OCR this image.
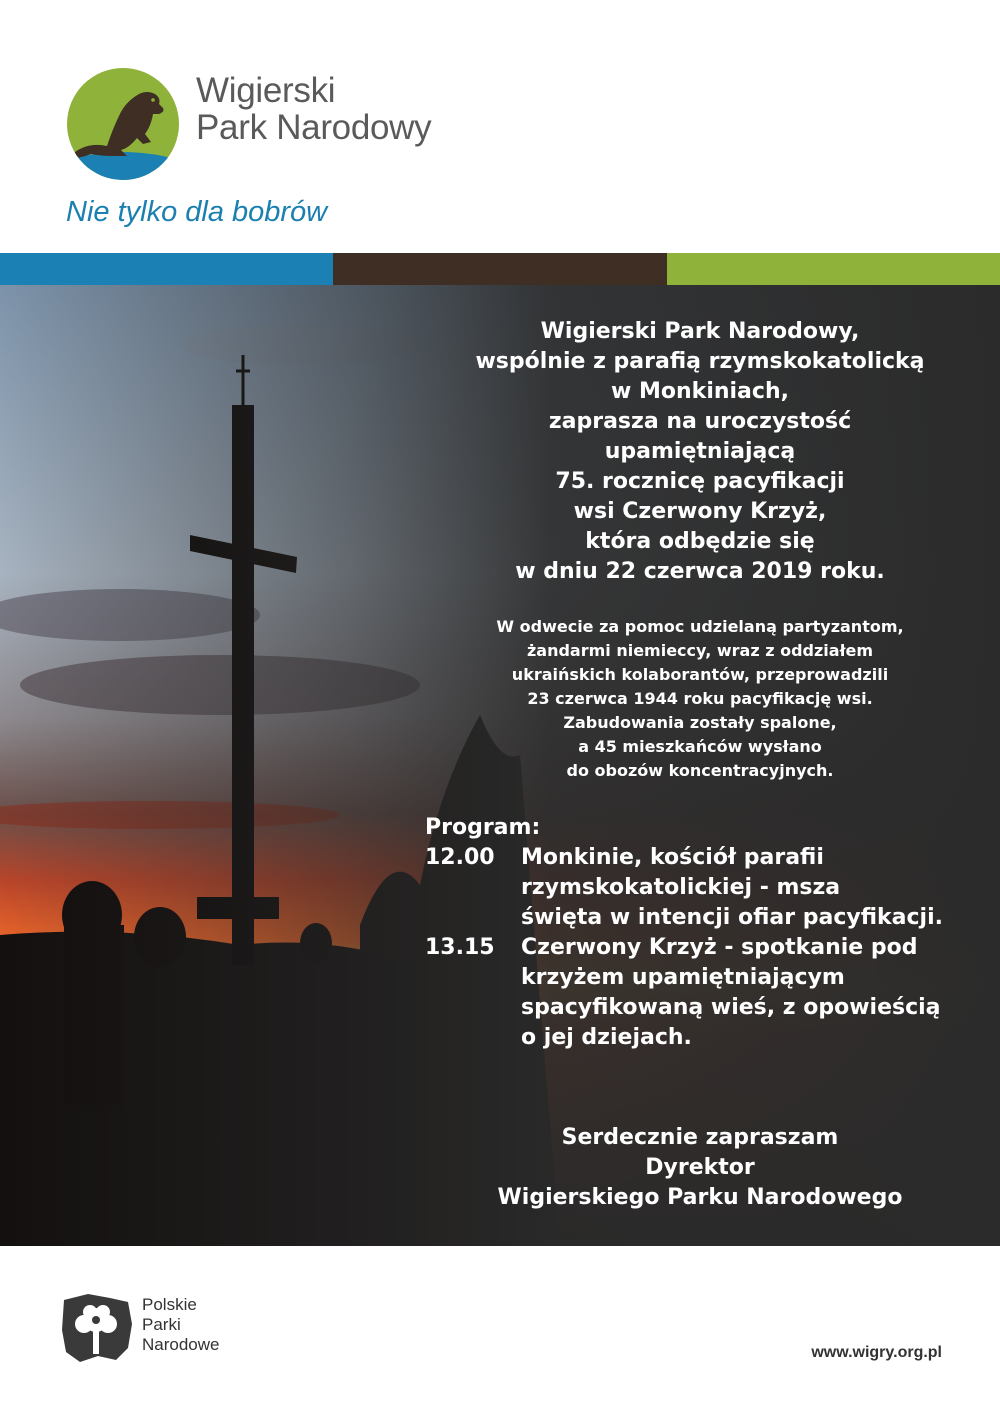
Wigierski
Park Narodowy
Nie tylko dla bobrów
Wigierski Park Narodowy,
wspólnie z parafią rzymskokatolicką
w Monkiniach,
zaprasza na uroczystość
upamiętniającą
75. rocznicę pacyfikacji
wsi Czerwony Krzyż,
która odbędzie się
w dniu 22 czerwca 2019 roku.
W odwecie za pomoc udzielaną partyzantom,
żandarmi niemieccy, wraz z oddziałem
ukraińskich kolaborantów, przeprowadzili
23 czerwca 1944 roku pacyfikację wsi.
Zabudowania zostały spalone,
a 45 mieszkańców wysłano
do obozów koncentracyjnych.
Program:
12.00	Monkinie, kościół parafii
rzymskokatolickiej - msza
święta w intencji ofiar pacyfikacji.
13.15	Czerwony Krzyż - spotkanie pod
krzyżem upamiętniającym
spacyfikowaną wieś, z opowieścią
o jej dziejach.
Serdecznie zapraszam
Dyrektor
Wigierskiego Parku Narodowego
Polskie
Parki
Narodowe	www.wigry.org.pl
